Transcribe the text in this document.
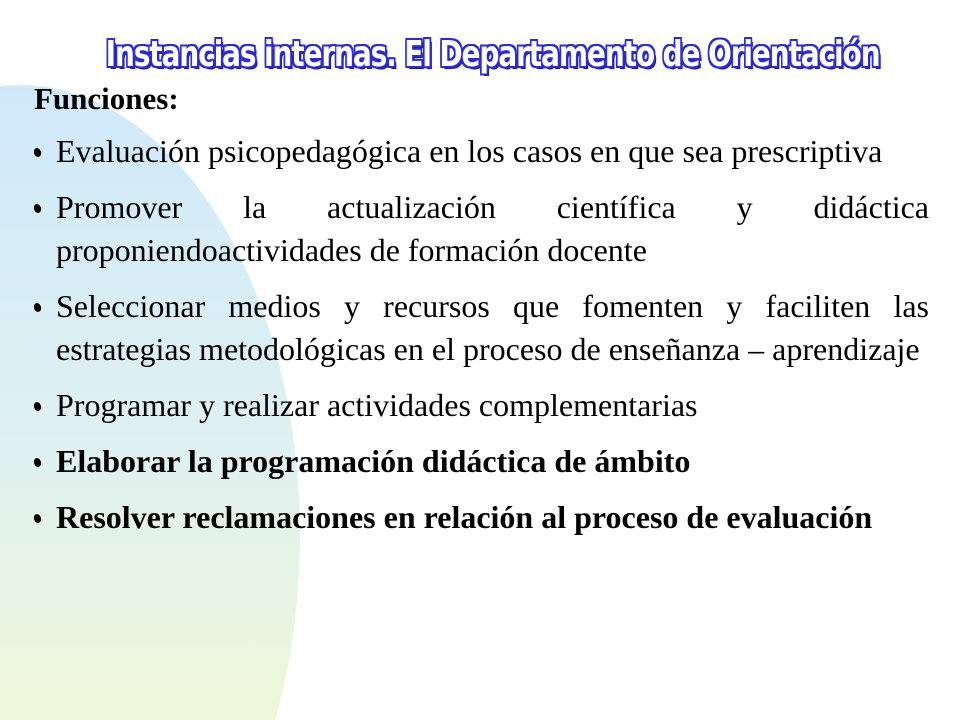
Instancias internas. El Departamento de Orientación
Funciones:
Evaluación psicopedagógica en los casos en que sea prescriptiva
Promover la actualización científica y didáctica proponiendoactividades de formación docente
Seleccionar medios y recursos que fomenten y faciliten las estrategias metodológicas en el proceso de enseñanza – aprendizaje
Programar y realizar actividades complementarias
Elaborar la programación didáctica de ámbito
Resolver reclamaciones en relación al proceso de evaluación
